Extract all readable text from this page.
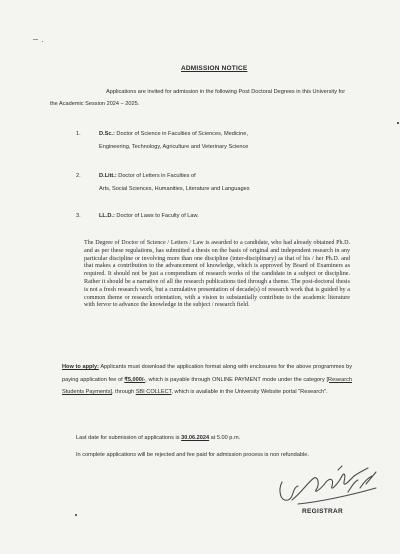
ADMISSION NOTICE
Applications are invited for admission in the following Post Doctoral Degrees in this University for the Academic Session 2024 – 2025.
1.	D.Sc.: Doctor of Science in Faculties of Sciences, Medicine,
Engineering, Technology, Agriculture and Veterinary Science
2.	D.Litt.: Doctor of Letters in Faculties of
Arts, Social Sciences, Humanities, Literature and Languages
3.	LL.D.: Doctor of Laws to Faculty of Law.
The Degree of Doctor of Science / Letters / Law is awarded to a candidate, who had already obtained Ph.D. and as per these regulations, has submitted a thesis on the basis of original and independent research in any particular discipline or involving more than one discipline (inter-disciplinary) as that of his / her Ph.D. and that makes a contribution to the advancement of knowledge, which is approved by Board of Examiners as required. It should not be just a compendium of research works of the candidate in a subject or discipline. Rather it should be a narrative of all the research publications tied through a theme. The post-doctoral thesis is not a fresh research work, but a cumulative presentation of decade(s) of research work that is guided by a common theme or research orientation, with a vision to substantially contribute to the academic literature with fervor to advance the knowledge in the subject / research field.
How to apply: Applicants must download the application format along with enclosures for the above programmes by paying application fee of ₹5,000/-, which is payable through ONLINE PAYMENT mode under the category [Research Students Payments], through SBI COLLECT, which is available in the University Website portal "Research".
Last date for submission of applications is 30.06.2024 at 5.00 p.m.
In complete applications will be rejected and fee paid for admission process is non refundable.
REGISTRAR
